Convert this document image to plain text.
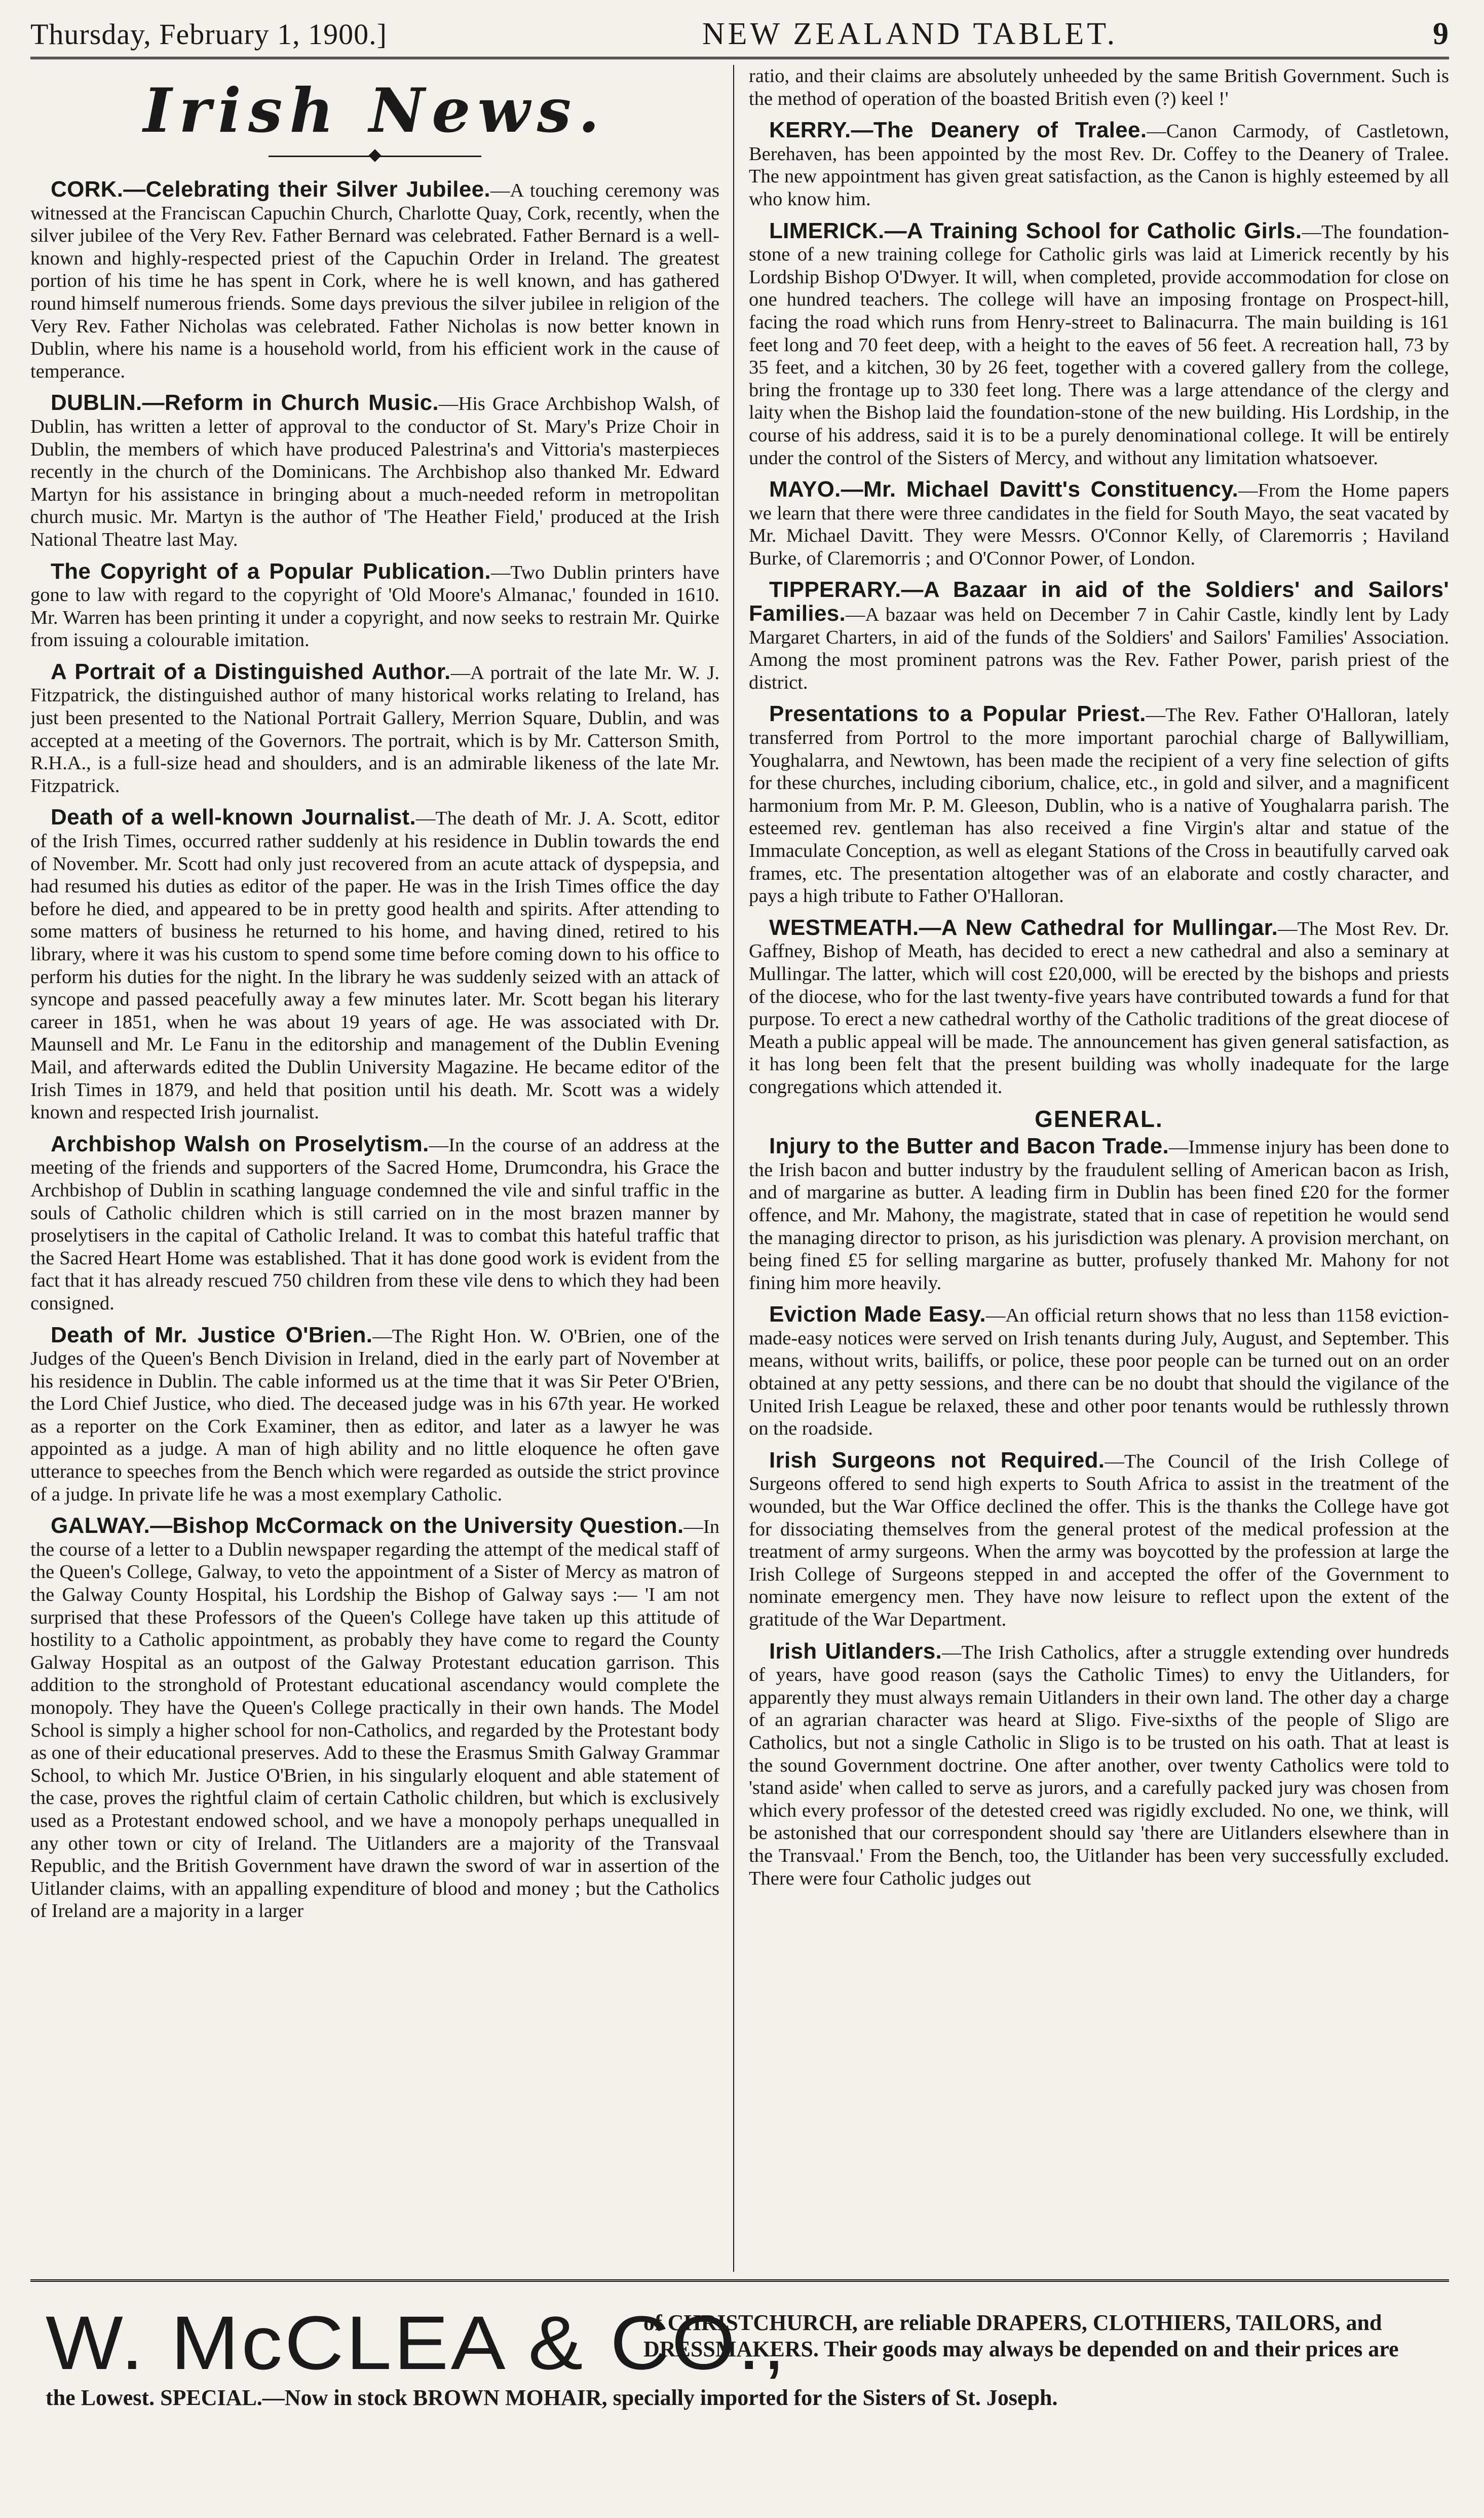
Thursday, February 1, 1900.]	NEW ZEALAND TABLET.	9
Irish News.

CORK.—Celebrating their Silver Jubilee.—A touching ceremony was witnessed at the Franciscan Capuchin Church, Charlotte Quay, Cork, recently, when the silver jubilee of the Very Rev. Father Bernard was celebrated. Father Bernard is a well-known and highly-respected priest of the Capuchin Order in Ireland. The greatest portion of his time he has spent in Cork, where he is well known, and has gathered round himself numerous friends. Some days previous the silver jubilee in religion of the Very Rev. Father Nicholas was celebrated. Father Nicholas is now better known in Dublin, where his name is a household world, from his efficient work in the cause of temperance.

DUBLIN.—Reform in Church Music.—His Grace Archbishop Walsh, of Dublin, has written a letter of approval to the conductor of St. Mary's Prize Choir in Dublin, the members of which have produced Palestrina's and Vittoria's masterpieces recently in the church of the Dominicans. The Archbishop also thanked Mr. Edward Martyn for his assistance in bringing about a much-needed reform in metropolitan church music. Mr. Martyn is the author of 'The Heather Field,' produced at the Irish National Theatre last May.

The Copyright of a Popular Publication.—Two Dublin printers have gone to law with regard to the copyright of 'Old Moore's Almanac,' founded in 1610. Mr. Warren has been printing it under a copyright, and now seeks to restrain Mr. Quirke from issuing a colourable imitation.

A Portrait of a Distinguished Author.—A portrait of the late Mr. W. J. Fitzpatrick, the distinguished author of many historical works relating to Ireland, has just been presented to the National Portrait Gallery, Merrion Square, Dublin, and was accepted at a meeting of the Governors. The portrait, which is by Mr. Catterson Smith, R.H.A., is a full-size head and shoulders, and is an admirable likeness of the late Mr. Fitzpatrick.

Death of a well-known Journalist.—The death of Mr. J. A. Scott, editor of the Irish Times, occurred rather suddenly at his residence in Dublin towards the end of November. Mr. Scott had only just recovered from an acute attack of dyspepsia, and had resumed his duties as editor of the paper. He was in the Irish Times office the day before he died, and appeared to be in pretty good health and spirits. After attending to some matters of business he returned to his home, and having dined, retired to his library, where it was his custom to spend some time before coming down to his office to perform his duties for the night. In the library he was suddenly seized with an attack of syncope and passed peacefully away a few minutes later. Mr. Scott began his literary career in 1851, when he was about 19 years of age. He was associated with Dr. Maunsell and Mr. Le Fanu in the editorship and management of the Dublin Evening Mail, and afterwards edited the Dublin University Magazine. He became editor of the Irish Times in 1879, and held that position until his death. Mr. Scott was a widely known and respected Irish journalist.

Archbishop Walsh on Proselytism.—In the course of an address at the meeting of the friends and supporters of the Sacred Home, Drumcondra, his Grace the Archbishop of Dublin in scathing language condemned the vile and sinful traffic in the souls of Catholic children which is still carried on in the most brazen manner by proselytisers in the capital of Catholic Ireland. It was to combat this hateful traffic that the Sacred Heart Home was established. That it has done good work is evident from the fact that it has already rescued 750 children from these vile dens to which they had been consigned.

Death of Mr. Justice O'Brien.—The Right Hon. W. O'Brien, one of the Judges of the Queen's Bench Division in Ireland, died in the early part of November at his residence in Dublin. The cable informed us at the time that it was Sir Peter O'Brien, the Lord Chief Justice, who died. The deceased judge was in his 67th year. He worked as a reporter on the Cork Examiner, then as editor, and later as a lawyer he was appointed as a judge. A man of high ability and no little eloquence he often gave utterance to speeches from the Bench which were regarded as outside the strict province of a judge. In private life he was a most exemplary Catholic.

GALWAY.—Bishop McCormack on the University Question.—In the course of a letter to a Dublin newspaper regarding the attempt of the medical staff of the Queen's College, Galway, to veto the appointment of a Sister of Mercy as matron of the Galway County Hospital, his Lordship the Bishop of Galway says :— 'I am not surprised that these Professors of the Queen's College have taken up this attitude of hostility to a Catholic appointment, as probably they have come to regard the County Galway Hospital as an outpost of the Galway Protestant education garrison. This addition to the stronghold of Protestant educational ascendancy would complete the monopoly. They have the Queen's College practically in their own hands. The Model School is simply a higher school for non-Catholics, and regarded by the Protestant body as one of their educational preserves. Add to these the Erasmus Smith Galway Grammar School, to which Mr. Justice O'Brien, in his singularly eloquent and able statement of the case, proves the rightful claim of certain Catholic children, but which is exclusively used as a Protestant endowed school, and we have a monopoly perhaps unequalled in any other town or city of Ireland. The Uitlanders are a majority of the Transvaal Republic, and the British Government have drawn the sword of war in assertion of the Uitlander claims, with an appalling expenditure of blood and money ; but the Catholics of Ireland are a majority in a larger

ratio, and their claims are absolutely unheeded by the same British Government. Such is the method of operation of the boasted British even (?) keel !'

KERRY.—The Deanery of Tralee.—Canon Carmody, of Castletown, Berehaven, has been appointed by the most Rev. Dr. Coffey to the Deanery of Tralee. The new appointment has given great satisfaction, as the Canon is highly esteemed by all who know him.

LIMERICK.—A Training School for Catholic Girls.—The foundation-stone of a new training college for Catholic girls was laid at Limerick recently by his Lordship Bishop O'Dwyer. It will, when completed, provide accommodation for close on one hundred teachers. The college will have an imposing frontage on Prospect-hill, facing the road which runs from Henry-street to Balinacurra. The main building is 161 feet long and 70 feet deep, with a height to the eaves of 56 feet. A recreation hall, 73 by 35 feet, and a kitchen, 30 by 26 feet, together with a covered gallery from the college, bring the frontage up to 330 feet long. There was a large attendance of the clergy and laity when the Bishop laid the foundation-stone of the new building. His Lordship, in the course of his address, said it is to be a purely denominational college. It will be entirely under the control of the Sisters of Mercy, and without any limitation whatsoever.

MAYO.—Mr. Michael Davitt's Constituency.—From the Home papers we learn that there were three candidates in the field for South Mayo, the seat vacated by Mr. Michael Davitt. They were Messrs. O'Connor Kelly, of Claremorris ; Haviland Burke, of Claremorris ; and O'Connor Power, of London.

TIPPERARY.—A Bazaar in aid of the Soldiers' and Sailors' Families.—A bazaar was held on December 7 in Cahir Castle, kindly lent by Lady Margaret Charters, in aid of the funds of the Soldiers' and Sailors' Families' Association. Among the most prominent patrons was the Rev. Father Power, parish priest of the district.

Presentations to a Popular Priest.—The Rev. Father O'Halloran, lately transferred from Portrol to the more important parochial charge of Ballywilliam, Youghalarra, and Newtown, has been made the recipient of a very fine selection of gifts for these churches, including ciborium, chalice, etc., in gold and silver, and a magnificent harmonium from Mr. P. M. Gleeson, Dublin, who is a native of Youghalarra parish. The esteemed rev. gentleman has also received a fine Virgin's altar and statue of the Immaculate Conception, as well as elegant Stations of the Cross in beautifully carved oak frames, etc. The presentation altogether was of an elaborate and costly character, and pays a high tribute to Father O'Halloran.

WESTMEATH.—A New Cathedral for Mullingar.—The Most Rev. Dr. Gaffney, Bishop of Meath, has decided to erect a new cathedral and also a seminary at Mullingar. The latter, which will cost £20,000, will be erected by the bishops and priests of the diocese, who for the last twenty-five years have contributed towards a fund for that purpose. To erect a new cathedral worthy of the Catholic traditions of the great diocese of Meath a public appeal will be made. The announcement has given general satisfaction, as it has long been felt that the present building was wholly inadequate for the large congregations which attended it.

GENERAL.

Injury to the Butter and Bacon Trade.—Immense injury has been done to the Irish bacon and butter industry by the fraudulent selling of American bacon as Irish, and of margarine as butter. A leading firm in Dublin has been fined £20 for the former offence, and Mr. Mahony, the magistrate, stated that in case of repetition he would send the managing director to prison, as his jurisdiction was plenary. A provision merchant, on being fined £5 for selling margarine as butter, profusely thanked Mr. Mahony for not fining him more heavily.

Eviction Made Easy.—An official return shows that no less than 1158 eviction-made-easy notices were served on Irish tenants during July, August, and September. This means, without writs, bailiffs, or police, these poor people can be turned out on an order obtained at any petty sessions, and there can be no doubt that should the vigilance of the United Irish League be relaxed, these and other poor tenants would be ruthlessly thrown on the roadside.

Irish Surgeons not Required.—The Council of the Irish College of Surgeons offered to send high experts to South Africa to assist in the treatment of the wounded, but the War Office declined the offer. This is the thanks the College have got for dissociating themselves from the general protest of the medical profession at the treatment of army surgeons. When the army was boycotted by the profession at large the Irish College of Surgeons stepped in and accepted the offer of the Government to nominate emergency men. They have now leisure to reflect upon the extent of the gratitude of the War Department.

Irish Uitlanders.—The Irish Catholics, after a struggle extending over hundreds of years, have good reason (says the Catholic Times) to envy the Uitlanders, for apparently they must always remain Uitlanders in their own land. The other day a charge of an agrarian character was heard at Sligo. Five-sixths of the people of Sligo are Catholics, but not a single Catholic in Sligo is to be trusted on his oath. That at least is the sound Government doctrine. One after another, over twenty Catholics were told to 'stand aside' when called to serve as jurors, and a carefully packed jury was chosen from which every professor of the detested creed was rigidly excluded. No one, we think, will be astonished that our correspondent should say 'there are Uitlanders elsewhere than in the Transvaal.' From the Bench, too, the Uitlander has been very successfully excluded. There were four Catholic judges out

W. McCLEA & CO.,
of CHRISTCHURCH, are reliable DRAPERS, CLOTHIERS, TAILORS, and DRESSMAKERS. Their goods may always be depended on and their prices are
the Lowest. SPECIAL.—Now in stock BROWN MOHAIR, specially imported for the Sisters of St. Joseph.
